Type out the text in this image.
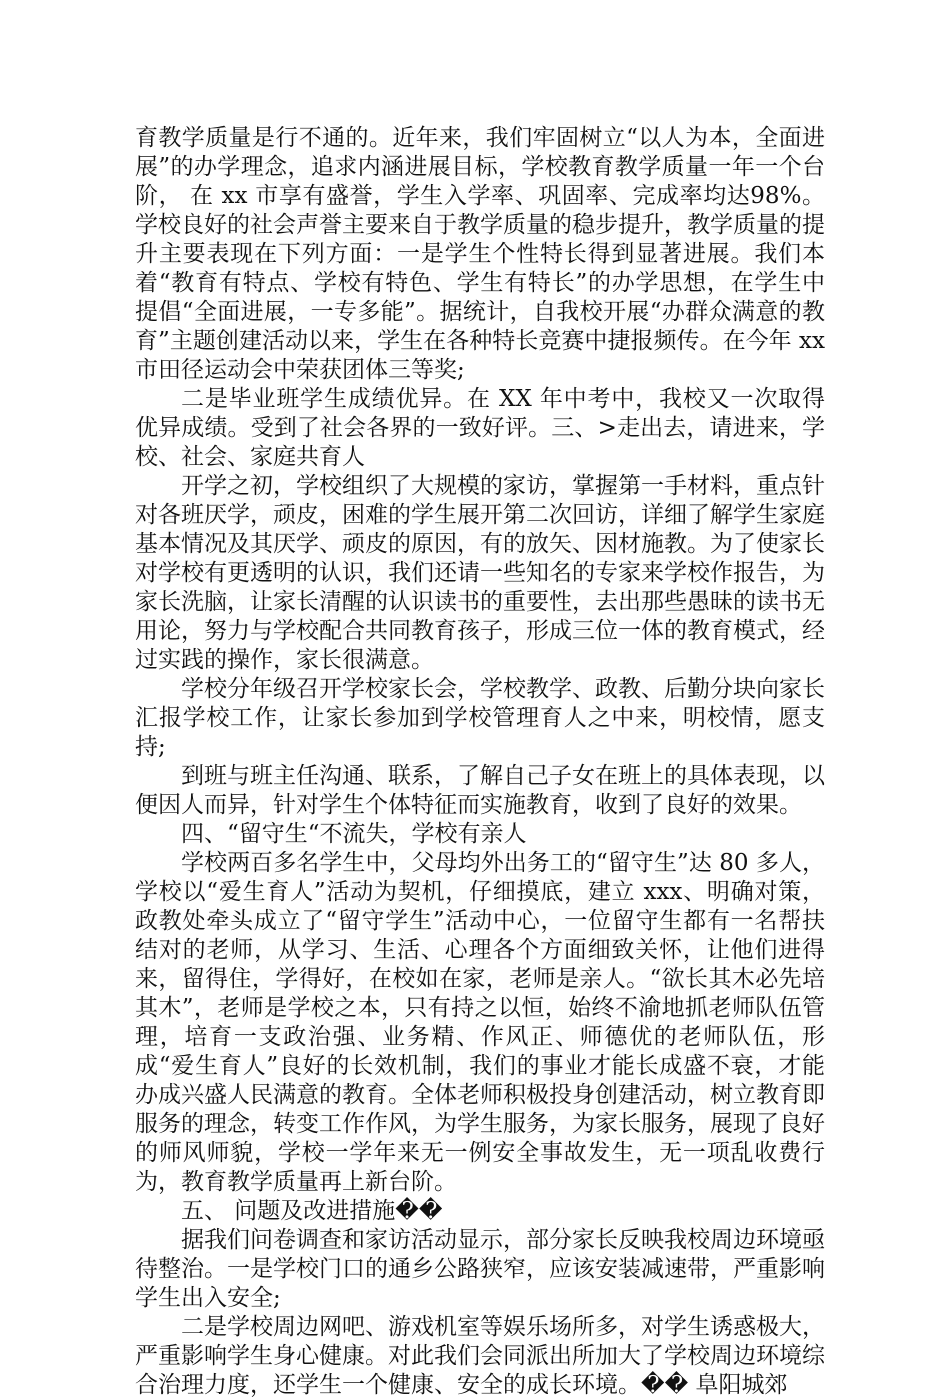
育教学质量是行不通的。近年来，我们牢固树立“以人为本，全面进展”的办学理念，追求内涵进展目标，学校教育教学质量一年一个台阶， 在 xx 市享有盛誉，学生入学率、巩固率、完成率均达98%。学校良好的社会声誉主要来自于教学质量的稳步提升，教学质量的提升主要表现在下列方面：一是学生个性特长得到显著进展。我们本着“教育有特点、学校有特色、学生有特长”的办学思想，在学生中提倡“全面进展，一专多能”。据统计，自我校开展“办群众满意的教育”主题创建活动以来，学生在各种特长竞赛中捷报频传。在今年 xx 市田径运动会中荣获团体三等奖;

二是毕业班学生成绩优异。在 XX 年中考中，我校又一次取得优异成绩。受到了社会各界的一致好评。三、>走出去，请进来，学校、社会、家庭共育人

开学之初，学校组织了大规模的家访，掌握第一手材料，重点针对各班厌学，顽皮，困难的学生展开第二次回访，详细了解学生家庭基本情况及其厌学、顽皮的原因，有的放矢、因材施教。为了使家长对学校有更透明的认识，我们还请一些知名的专家来学校作报告，为家长洗脑，让家长清醒的认识读书的重要性，去出那些愚昧的读书无用论，努力与学校配合共同教育孩子，形成三位一体的教育模式，经过实践的操作，家长很满意。

学校分年级召开学校家长会，学校教学、政教、后勤分块向家长汇报学校工作，让家长参加到学校管理育人之中来，明校情，愿支持;

到班与班主任沟通、联系，了解自己子女在班上的具体表现，以便因人而异，针对学生个体特征而实施教育，收到了良好的效果。

四、“留守生“不流失，学校有亲人

学校两百多名学生中，父母均外出务工的“留守生”达 80 多人，学校以“爱生育人”活动为契机，仔细摸底，建立 xxx、明确对策，政教处牵头成立了“留守学生”活动中心，一位留守生都有一名帮扶结对的老师，从学习、生活、心理各个方面细致关怀，让他们进得来，留得住，学得好，在校如在家，老师是亲人。“欲长其木必先培其木”，老师是学校之本，只有持之以恒，始终不渝地抓老师队伍管理，培育一支政治强、业务精、作风正、师德优的老师队伍，形成“爱生育人”良好的长效机制，我们的事业才能长成盛不衰，才能办成兴盛人民满意的教育。全体老师积极投身创建活动，树立教育即服务的理念，转变工作作风，为学生服务，为家长服务，展现了良好的师风师貌，学校一学年来无一例安全事故发生，无一项乱收费行为，教育教学质量再上新台阶。

五、 问题及改进措施��

据我们问卷调查和家访活动显示，部分家长反映我校周边环境亟待整治。一是学校门口的通乡公路狭窄，应该安装减速带，严重影响学生出入安全;

二是学校周边网吧、游戏机室等娱乐场所多，对学生诱惑极大，严重影响学生身心健康。对此我们会同派出所加大了学校周边环境综合治理力度，还学生一个健康、安全的成长环境。�� 阜阳城郊
